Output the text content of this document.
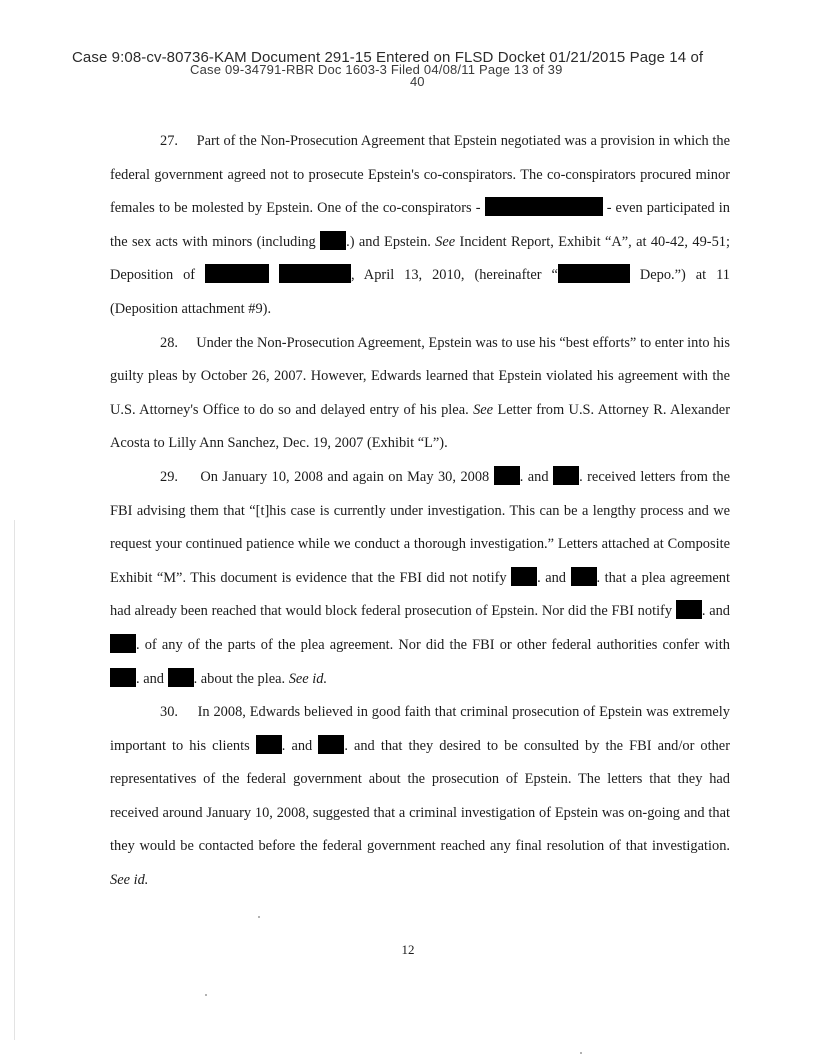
Case 9:08-cv-80736-KAM Document 291-15 Entered on FLSD Docket 01/21/2015 Page 14 of
Case 09-34791-RBR Doc 1603-3 Filed 04/08/11 Page 13 of 39
40

27. Part of the Non-Prosecution Agreement that Epstein negotiated was a provision in which the federal government agreed not to prosecute Epstein's co-conspirators. The co-conspirators procured minor females to be molested by Epstein. One of the co-conspirators -	- even participated in the sex acts with minors (including .) and Epstein. See Incident Report, Exhibit “A”, at 40-42, 49-51; Deposition of	, April 13, 2010, (hereinafter “	Depo.”) at 11 (Deposition attachment #9).

28. Under the Non-Prosecution Agreement, Epstein was to use his “best efforts” to enter into his guilty pleas by October 26, 2007. However, Edwards learned that Epstein violated his agreement with the U.S. Attorney's Office to do so and delayed entry of his plea. See Letter from U.S. Attorney R. Alexander Acosta to Lilly Ann Sanchez, Dec. 19, 2007 (Exhibit “L”).

29. On January 10, 2008 and again on May 30, 2008 . and . received letters from the FBI advising them that “[t]his case is currently under investigation. This can be a lengthy process and we request your continued patience while we conduct a thorough investigation.” Letters attached at Composite Exhibit “M”. This document is evidence that the FBI did not notify . and . that a plea agreement had already been reached that would block federal prosecution of Epstein. Nor did the FBI notify . and . of any of the parts of the plea agreement. Nor did the FBI or other federal authorities confer with . and . about the plea. See id.

30. In 2008, Edwards believed in good faith that criminal prosecution of Epstein was extremely important to his clients . and . and that they desired to be consulted by the FBI and/or other representatives of the federal government about the prosecution of Epstein. The letters that they had received around January 10, 2008, suggested that a criminal investigation of Epstein was on-going and that they would be contacted before the federal government reached any final resolution of that investigation. See id.

12
